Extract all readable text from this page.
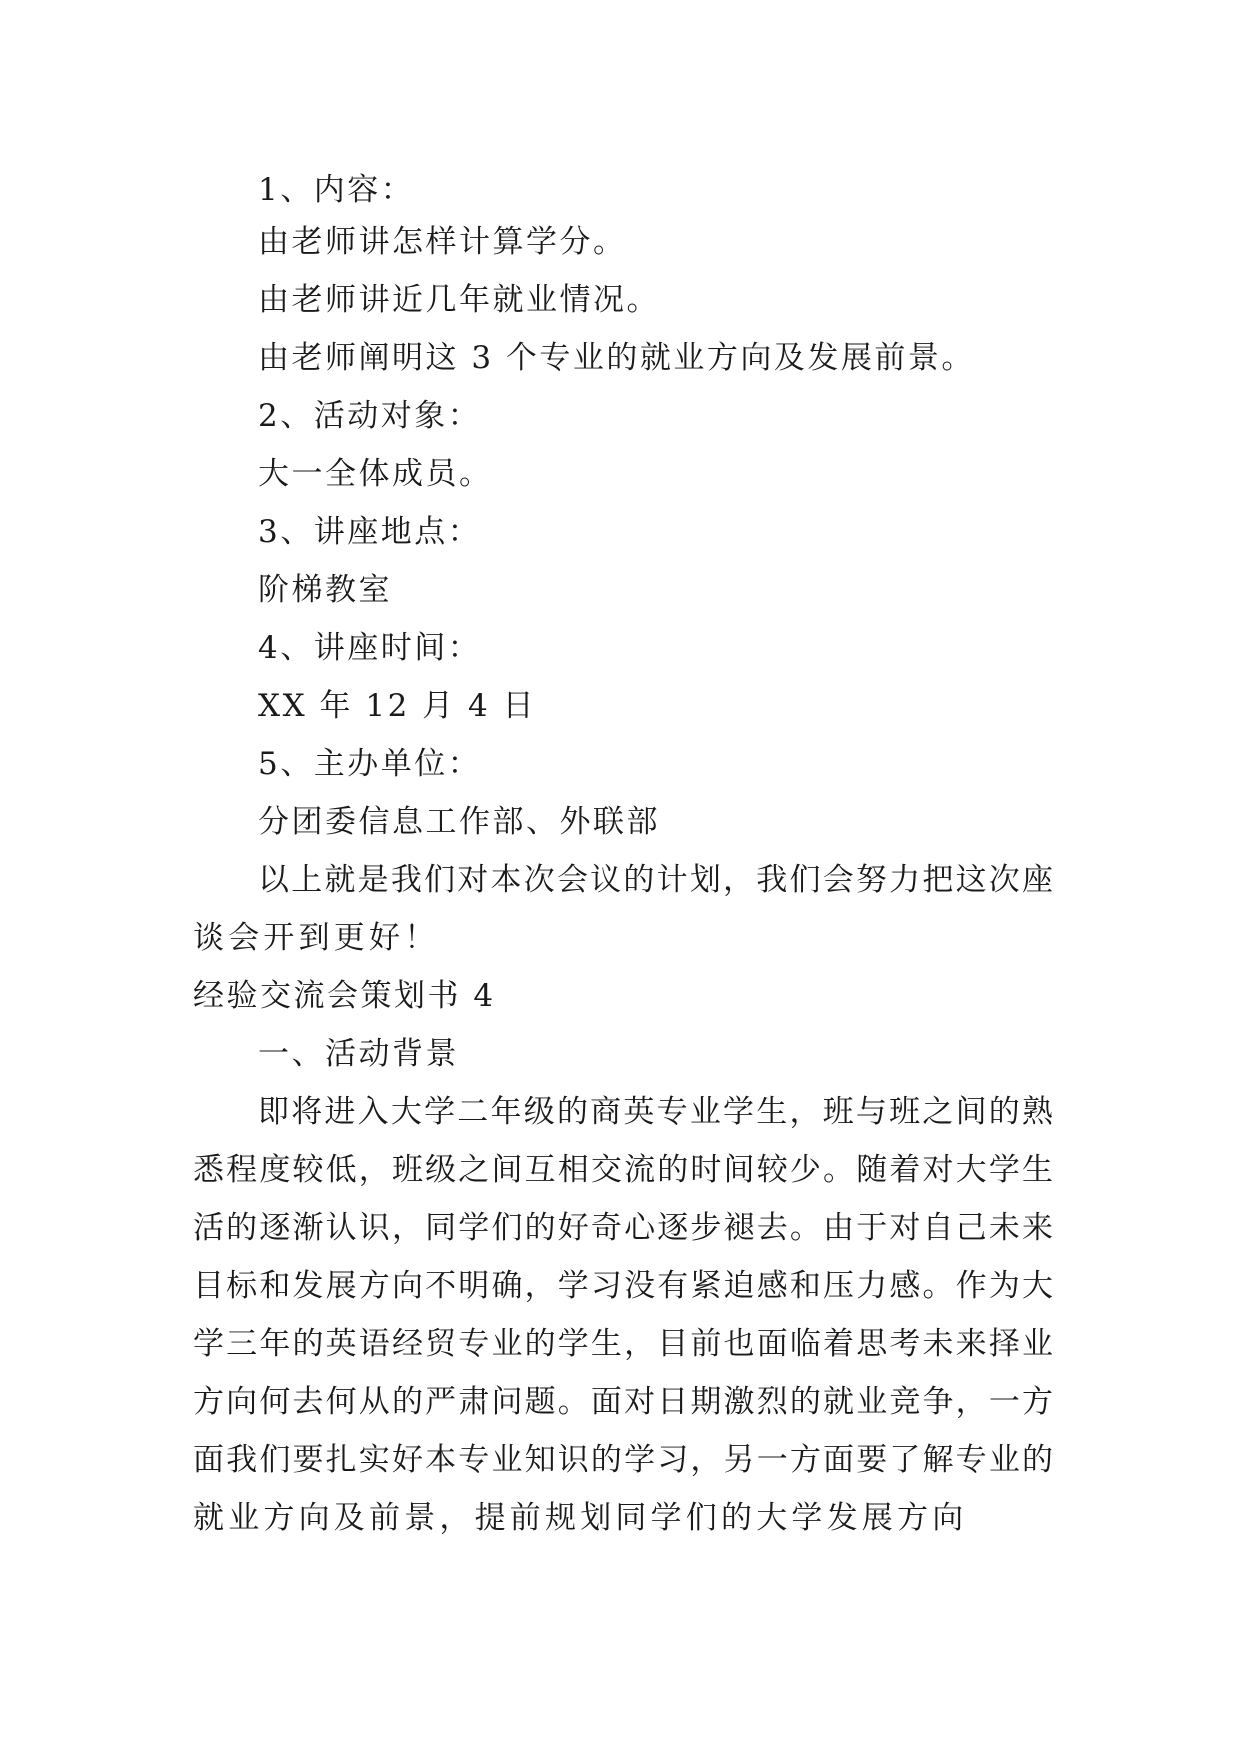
1、内容：
由老师讲怎样计算学分。
由老师讲近几年就业情况。
由老师阐明这 3 个专业的就业方向及发展前景。
2、活动对象：
大一全体成员。
3、讲座地点：
阶梯教室
4、讲座时间：
XX 年 12 月 4 日
5、主办单位：
分团委信息工作部、外联部
以上就是我们对本次会议的计划，我们会努力把这次座
谈会开到更好！
经验交流会策划书 4
一、活动背景
即将进入大学二年级的商英专业学生，班与班之间的熟
悉程度较低，班级之间互相交流的时间较少。随着对大学生
活的逐渐认识，同学们的好奇心逐步褪去。由于对自己未来
目标和发展方向不明确，学习没有紧迫感和压力感。作为大
学三年的英语经贸专业的学生，目前也面临着思考未来择业
方向何去何从的严肃问题。面对日期激烈的就业竞争，一方
面我们要扎实好本专业知识的学习，另一方面要了解专业的
就业方向及前景，提前规划同学们的大学发展方向
